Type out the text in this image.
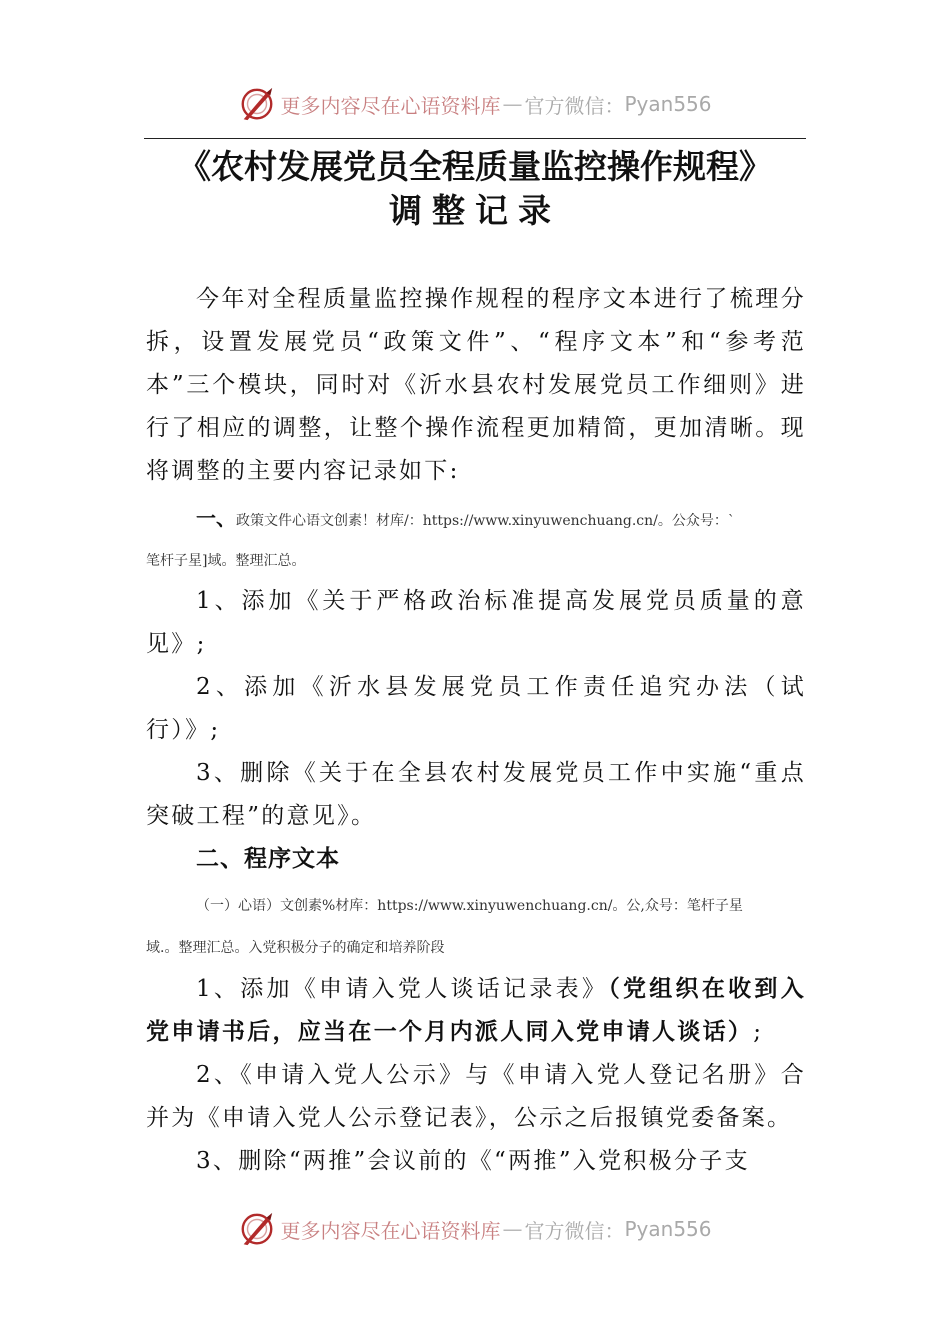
更多内容尽在心语资料库 — 官方微信： Pyan556
《农村发展党员全程质量监控操作规程》
调整记录

今年对全程质量监控操作规程的程序文本进行了梳理分拆，设置发展党员“政策文件”、“程序文本”和“参考范本”三个模块，同时对《沂水县农村发展党员工作细则》进行了相应的调整，让整个操作流程更加精简，更加清晰。现将调整的主要内容记录如下:

一、政策文件心语文创素！材库/：https://www.xinyuwenchuang.cn/。公众号：`

笔杆子星]域。整理汇总。

1、添加《关于严格政治标准提高发展党员质量的意见》;

2、添加《沂水县发展党员工作责任追究办法（试行）》;

3、删除《关于在全县农村发展党员工作中实施“重点突破工程”的意见》。

二、程序文本

（一）心语）文创素%材库：https://www.xinyuwenchuang.cn/。公,众号：笔杆子星

域.。整理汇总。入党积极分子的确定和培养阶段

1、添加《申请入党人谈话记录表》（党组织在收到入党申请书后，应当在一个月内派人同入党申请人谈话）;

2、《申请入党人公示》与《申请入党人登记名册》合并为《申请入党人公示登记表》，公示之后报镇党委备案。

3、删除“两推”会议前的《“两推”入党积极分子支

更多内容尽在心语资料库 — 官方微信： Pyan556
